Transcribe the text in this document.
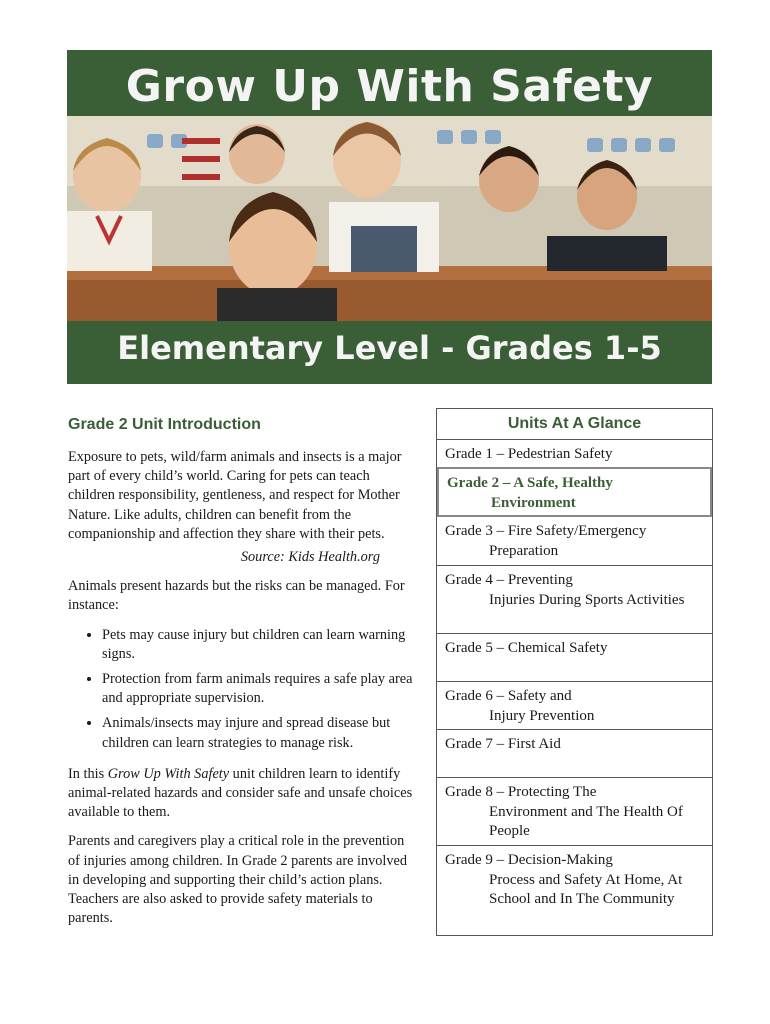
Grow Up With Safety
Elementary Level - Grades 1-5
Grade 2 Unit Introduction

Exposure to pets, wild/farm animals and insects is a major part of every child’s world. Caring for pets can teach children responsibility, gentleness, and respect for Mother Nature. Like adults, children can benefit from the companionship and affection they share with their pets.

Source: Kids Health.org

Animals present hazards but the risks can be managed. For instance:

• Pets may cause injury but children can learn warning signs.
• Protection from farm animals requires a safe play area and appropriate supervision.
• Animals/insects may injure and spread disease but children can learn strategies to manage risk.

In this Grow Up With Safety unit children learn to identify animal-related hazards and consider safe and unsafe choices available to them.

Parents and caregivers play a critical role in the prevention of injuries among children. In Grade 2 parents are involved in developing and supporting their child’s action plans. Teachers are also asked to provide safety materials to parents.

Units At A Glance
Grade 1 – Pedestrian Safety
Grade 2 – A Safe, Healthy
Environment
Grade 3 – Fire Safety/Emergency
Preparation
Grade 4 – Preventing
Injuries During Sports Activities
Grade 5 – Chemical Safety
Grade 6 – Safety and
Injury Prevention
Grade 7 – First Aid
Grade 8 – Protecting The
Environment and The Health Of People
Grade 9 – Decision-Making
Process and Safety At Home, At School and In The Community
